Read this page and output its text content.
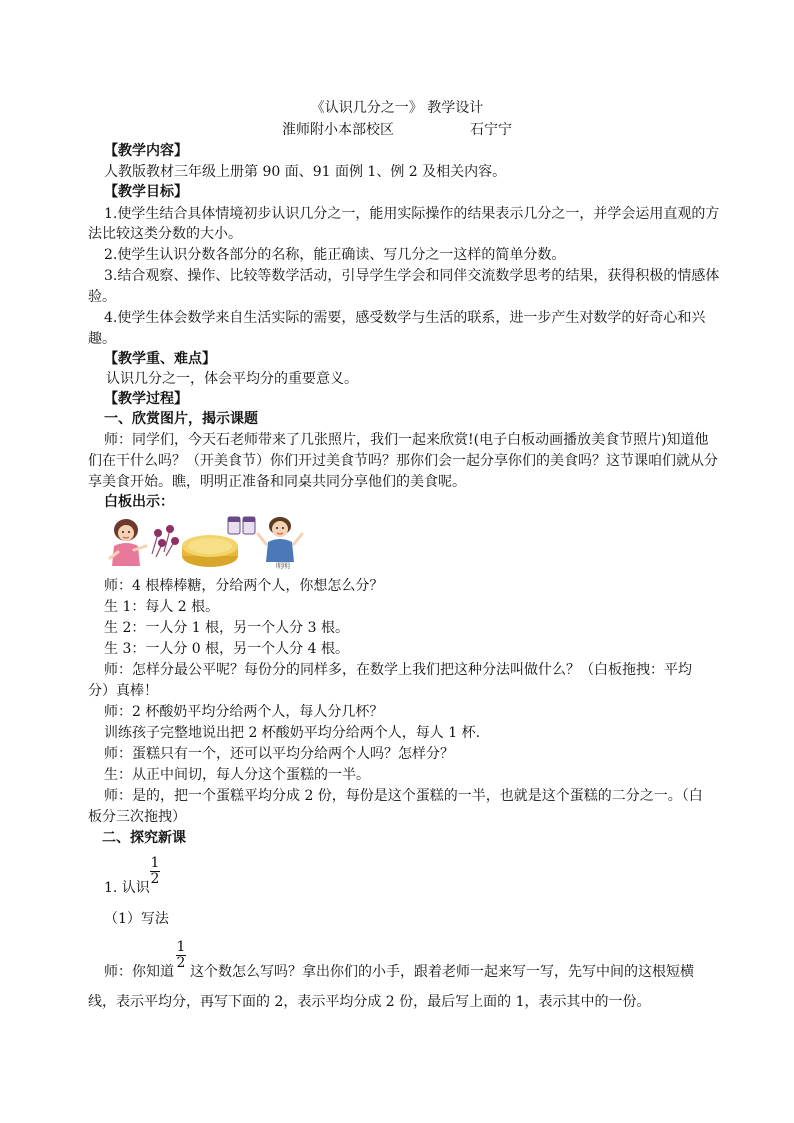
《认识几分之一》 教学设计
淮师附小本部校区	石宁宁
【教学内容】
人教版教材三年级上册第 90 面、91 面例 1、例 2 及相关内容。
【教学目标】
1.使学生结合具体情境初步认识几分之一，能用实际操作的结果表示几分之一，并学会运用直观的方
法比较这类分数的大小。
2.使学生认识分数各部分的名称，能正确读、写几分之一这样的简单分数。
3.结合观察、操作、比较等数学活动，引导学生学会和同伴交流数学思考的结果，获得积极的情感体
验。
4.使学生体会数学来自生活实际的需要，感受数学与生活的联系，进一步产生对数学的好奇心和兴
趣。
【教学重、难点】
认识几分之一，体会平均分的重要意义。
【教学过程】
一、欣赏图片，揭示课题
师：同学们，今天石老师带来了几张照片，我们一起来欣赏!(电子白板动画播放美食节照片)知道他
们在干什么吗？（开美食节）你们开过美食节吗？那你们会一起分享你们的美食吗？这节课咱们就从分
享美食开始。瞧，明明正准备和同桌共同分享他们的美食呢。
白板出示：
明明
师：4 根棒棒糖，分给两个人，你想怎么分？
生 1：每人 2 根。
生 2：一人分 1 根，另一个人分 3 根。
生 3：一人分 0 根，另一个人分 4 根。
师：怎样分最公平呢？每份分的同样多，在数学上我们把这种分法叫做什么？（白板拖拽：平均
分）真棒！
师：2 杯酸奶平均分给两个人，每人分几杯？
训练孩子完整地说出把 2 杯酸奶平均分给两个人，每人 1 杯.
师：蛋糕只有一个，还可以平均分给两个人吗？怎样分？
生：从正中间切，每人分这个蛋糕的一半。
师：是的，把一个蛋糕平均分成 2 份，每份是这个蛋糕的一半，也就是这个蛋糕的二分之一。（白
板分三次拖拽）
二、探究新课
1
2
1. 认识
（1）写法
1
2
师：你知道 这个数怎么写吗？拿出你们的小手，跟着老师一起来写一写，先写中间的这根短横
线，表示平均分，再写下面的 2，表示平均分成 2 份，最后写上面的 1，表示其中的一份。
